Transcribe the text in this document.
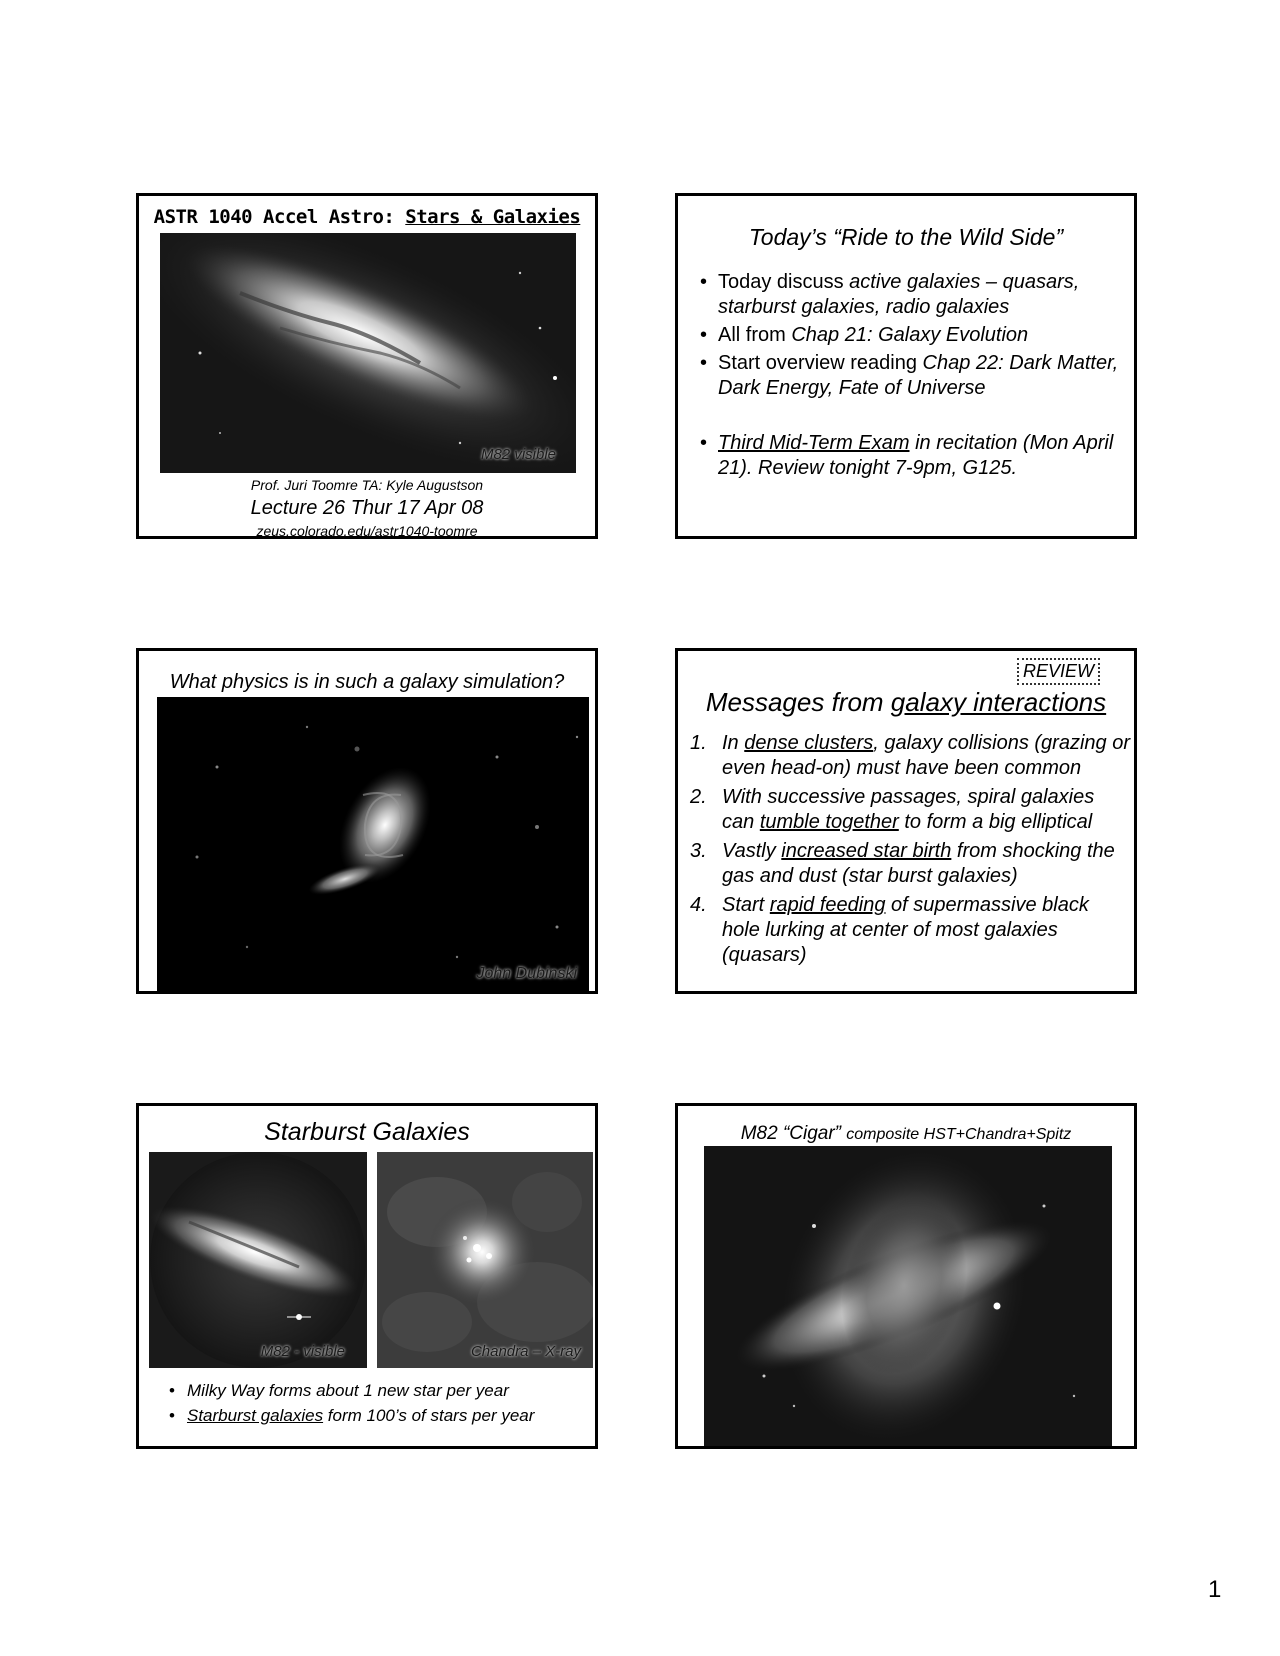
ASTR 1040 Accel Astro: Stars & Galaxies
M82 visible
Prof. Juri Toomre TA: Kyle Augustson
Lecture 26 Thur 17 Apr 08
zeus.colorado.edu/astr1040-toomre
Today’s “Ride to the Wild Side”
• Today discuss active galaxies – quasars, starburst galaxies, radio galaxies
• All from Chap 21: Galaxy Evolution
• Start overview reading Chap 22: Dark Matter, Dark Energy, Fate of Universe
• Third Mid-Term Exam in recitation (Mon April 21). Review tonight 7-9pm, G125.
What physics is in such a galaxy simulation?
John Dubinski
REVIEW
Messages from galaxy interactions
1. In dense clusters, galaxy collisions (grazing or even head-on) must have been common
2. With successive passages, spiral galaxies can tumble together to form a big elliptical
3. Vastly increased star birth from shocking the gas and dust (star burst galaxies)
4. Start rapid feeding of supermassive black hole lurking at center of most galaxies (quasars)
Starburst Galaxies
M82 - visible	Chandra – X-ray
• Milky Way forms about 1 new star per year
• Starburst galaxies form 100’s of stars per year
M82 “Cigar” composite HST+Chandra+Spitz
1
